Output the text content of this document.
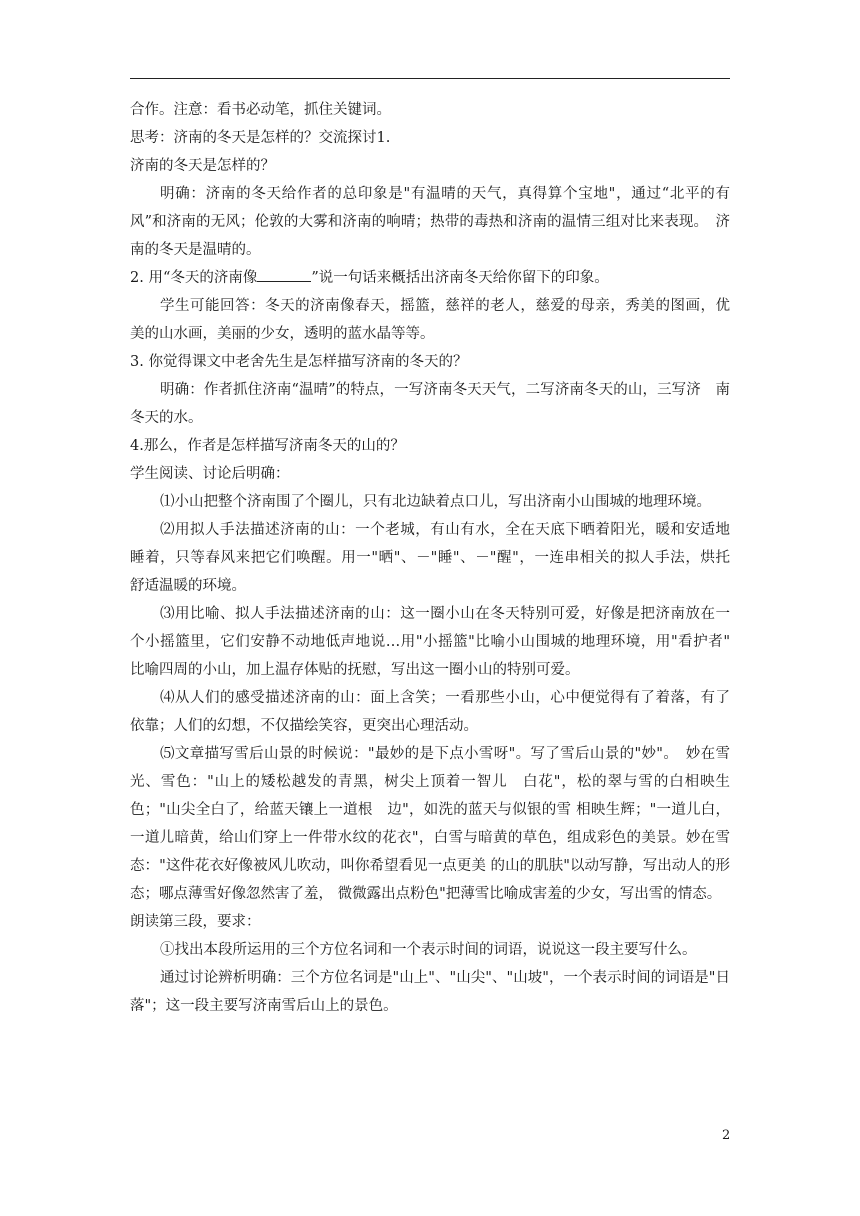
合作。注意：看书必动笔，抓住关键词。

思考：济南的冬天是怎样的？交流探讨1.

济南的冬天是怎样的？

明确：济南的冬天给作者的总印象是"有温晴的天气，真得算个宝地"，通过“北平的有风”和济南的无风；伦敦的大雾和济南的响晴；热带的毒热和济南的温情三组对比来表现。　济南的冬天是温晴的。

2. 用“冬天的济南像	”说一句话来概括出济南冬天给你留下的印象。

学生可能回答：冬天的济南像春天，摇篮，慈祥的老人，慈爱的母亲，秀美的图画，优　美的山水画，美丽的少女，透明的蓝水晶等等。

3. 你觉得课文中老舍先生是怎样描写济南的冬天的？

明确：作者抓住济南“温晴”的特点，一写济南冬天天气，二写济南冬天的山，三写济　南冬天的水。

4.那么，作者是怎样描写济南冬天的山的？

学生阅读、讨论后明确：

⑴小山把整个济南围了个圈儿，只有北边缺着点口儿，写出济南小山围城的地理环境。

⑵用拟人手法描述济南的山：一个老城，有山有水，全在天底下晒着阳光，暖和安适地　睡着，只等春风来把它们唤醒。用一"晒"、－"睡"、－"醒"，一连串相关的拟人手法，烘托　舒适温暖的环境。

⑶用比喻、拟人手法描述济南的山：这一圈小山在冬天特别可爱，好像是把济南放在一　个小摇篮里，它们安静不动地低声地说…用"小摇篮"比喻小山围城的地理环境，用"看护者"　比喻四周的小山，加上温存体贴的抚慰，写出这一圈小山的特别可爱。

⑷从人们的感受描述济南的山：面上含笑；一看那些小山，心中便觉得有了着落，有了　依靠；人们的幻想，不仅描绘笑容，更突出心理活动。

⑸文章描写雪后山景的时候说："最妙的是下点小雪呀"。写了雪后山景的"妙"。　妙在雪光、雪色："山上的矮松越发的青黑，树尖上顶着一智儿　白花"，松的翠与雪的白相映生色；"山尖全白了，给蓝天镶上一道根　边"，如洗的蓝天与似银的雪 相映生辉；"一道儿白，一道儿暗黄，给山们穿上一件带水纹的花衣"，白雪与暗黄的草色，组成彩色的美景。妙在雪态："这件花衣好像被风儿吹动，叫你希望看见一点更美 的山的肌肤"以动写静，写出动人的形态；哪点薄雪好像忽然害了羞， 微微露出点粉色"把薄雪比喻成害羞的少女，写出雪的情态。

朗读第三段，要求：

①找出本段所运用的三个方位名词和一个表示时间的词语，说说这一段主要写什么。

通过讨论辨析明确：三个方位名词是"山上"、"山尖"、"山坡"，一个表示时间的词语是"日落"；这一段主要写济南雪后山上的景色。

2
